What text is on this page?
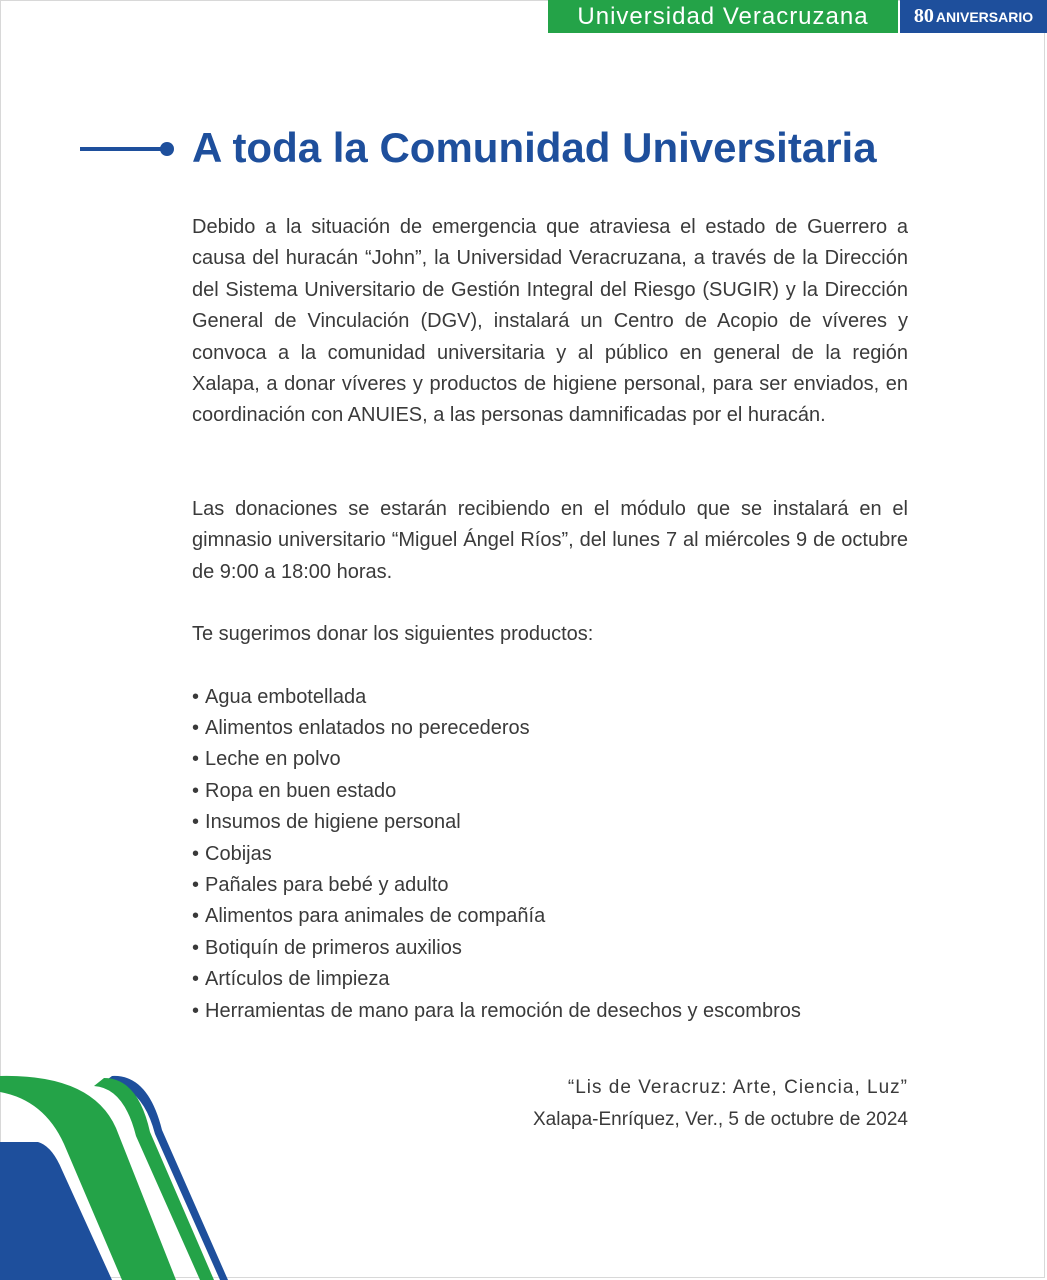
Universidad Veracruzana	80 ANIVERSARIO
A toda la Comunidad Universitaria

Debido a la situación de emergencia que atraviesa el estado de Guerrero a causa del huracán “John”, la Universidad Veracruzana, a través de la Dirección del Sistema Universitario de Gestión Integral del Riesgo (SUGIR) y la Dirección General de Vinculación (DGV), instalará un Centro de Acopio de víveres y convoca a la comunidad universitaria y al público en general de la región Xalapa, a donar víveres y productos de higiene personal, para ser enviados, en coordinación con ANUIES, a las personas damnificadas por el huracán.

Las donaciones se estarán recibiendo en el módulo que se instalará en el gimnasio universitario “Miguel Ángel Ríos”, del lunes 7 al miércoles 9 de octubre de 9:00 a 18:00 horas.

Te sugerimos donar los siguientes productos:

• Agua embotellada
• Alimentos enlatados no perecederos
• Leche en polvo
• Ropa en buen estado
• Insumos de higiene personal
• Cobijas
• Pañales para bebé y adulto
• Alimentos para animales de compañía
• Botiquín de primeros auxilios
• Artículos de limpieza
• Herramientas de mano para la remoción de desechos y escombros
“Lis de Veracruz: Arte, Ciencia, Luz”
Xalapa-Enríquez, Ver., 5 de octubre de 2024
